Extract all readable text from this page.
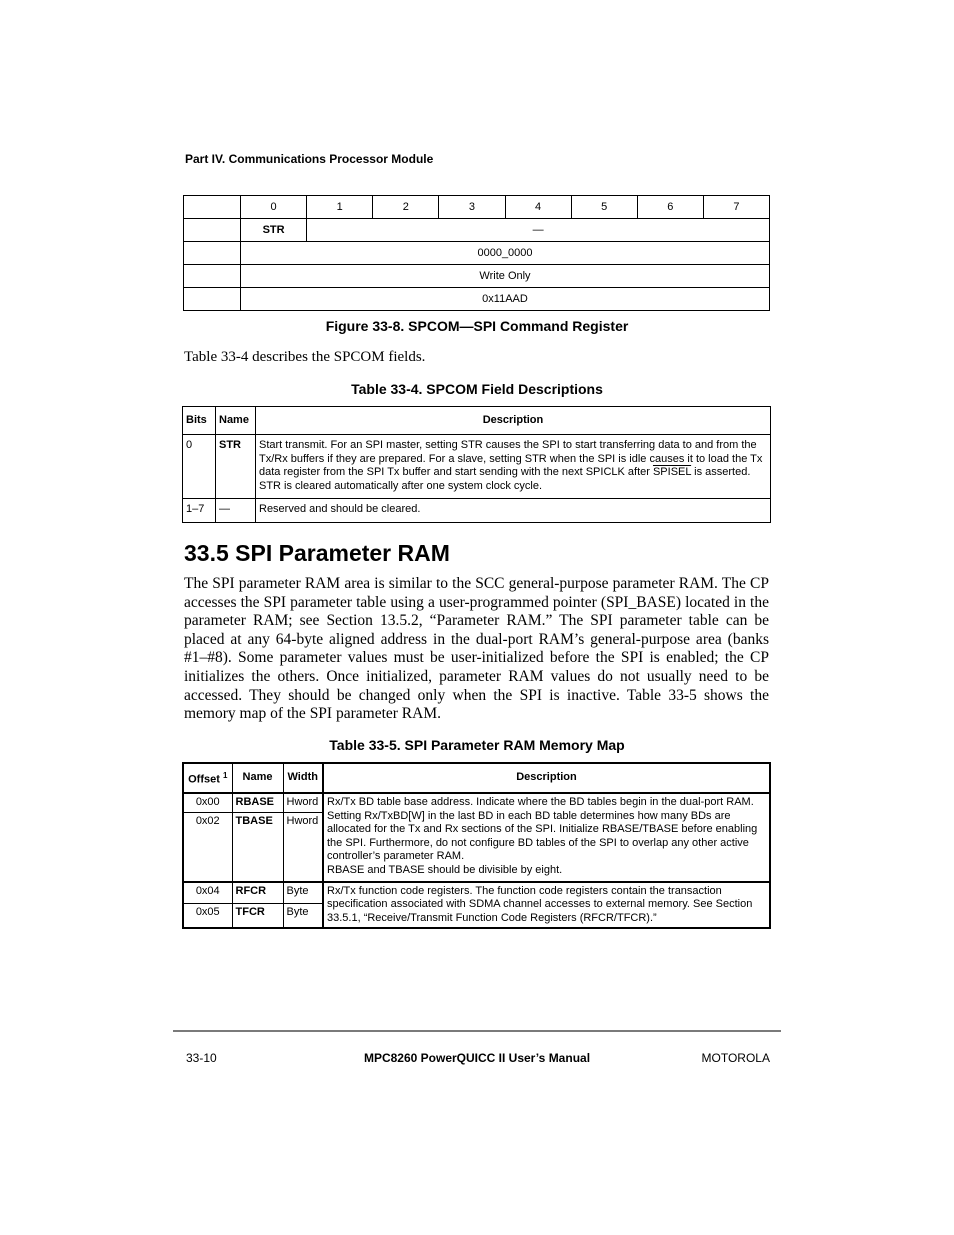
Part IV. Communications Processor Module
	0	1	2	3	4	5	6	7
	STR	—						
	0000_0000							
	Write Only							
	0x11AAD							
Figure 33-8. SPCOM—SPI Command Register
Table 33-4 describes the SPCOM fields.
Table 33-4. SPCOM Field Descriptions
Bits	Name	Description
0	STR	Start transmit. For an SPI master, setting STR causes the SPI to start transferring data to and from the Tx/Rx buffers if they are prepared. For a slave, setting STR when the SPI is idle causes it to load the Tx data register from the SPI Tx buffer and start sending with the next SPICLK after SPISEL is asserted. STR is cleared automatically after one system clock cycle.
1–7	—	Reserved and should be cleared.
33.5 SPI Parameter RAM
The SPI parameter RAM area is similar to the SCC general-purpose parameter RAM. The CP accesses the SPI parameter table using a user-programmed pointer (SPI_BASE) located in the parameter RAM; see Section 13.5.2, “Parameter RAM.” The SPI parameter table can be placed at any 64-byte aligned address in the dual-port RAM’s general-purpose area (banks #1–#8). Some parameter values must be user-initialized before the SPI is enabled; the CP initializes the others. Once initialized, parameter RAM values do not usually need to be accessed. They should be changed only when the SPI is inactive. Table 33-5 shows the memory map of the SPI parameter RAM.
Table 33-5. SPI Parameter RAM Memory Map
Offset $^1$	Name	Width	Description
0x00	RBASE	Hword	Rx/Tx BD table base address. Indicate where the BD tables begin in the dual-port RAM. Setting Rx/TxBD[W] in the last BD in each BD table determines how many BDs are allocated for the Tx and Rx sections of the SPI. Initialize RBASE/TBASE before enabling the SPI. Furthermore, do not configure BD tables of the SPI to overlap any other active controller’s parameter RAM.
RBASE and TBASE should be divisible by eight.

0x02	TBASE	Hword	
0x04	RFCR	Byte	Rx/Tx function code registers. The function code registers contain the transaction specification associated with SDMA channel accesses to external memory. See Section 33.5.1, “Receive/Transmit Function Code Registers (RFCR/TFCR).”
0x05	TFCR	Byte	
33-10	MPC8260 PowerQUICC II User’s Manual	MOTOROLA
